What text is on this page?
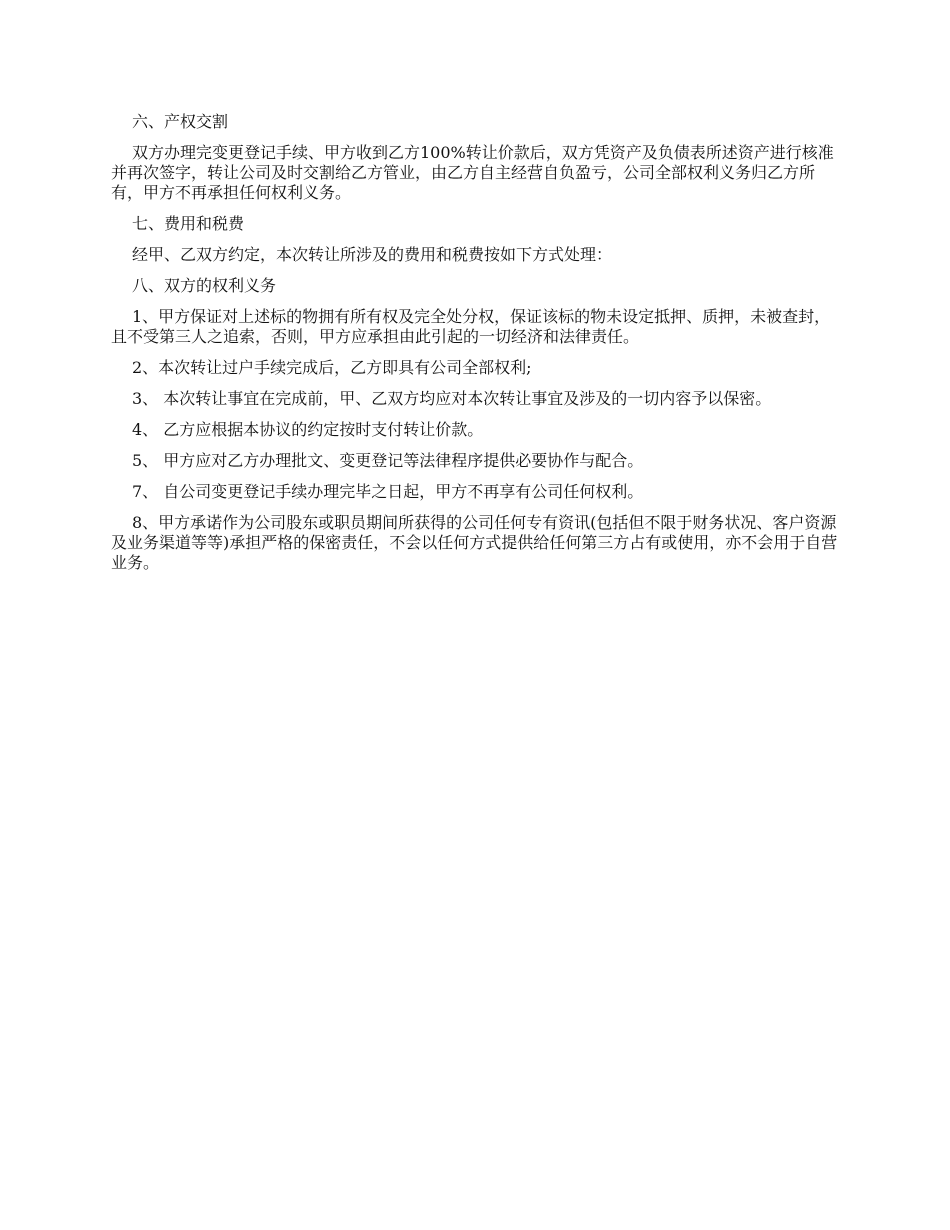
六、产权交割

双方办理完变更登记手续、甲方收到乙方100%转让价款后，双方凭资产及负债表所述资产进行核准并再次签字，转让公司及时交割给乙方管业，由乙方自主经营自负盈亏，公司全部权利义务归乙方所有，甲方不再承担任何权利义务。

七、费用和税费

经甲、乙双方约定，本次转让所涉及的费用和税费按如下方式处理：

八、双方的权利义务

1、甲方保证对上述标的物拥有所有权及完全处分权，保证该标的物未设定抵押、质押，未被查封，且不受第三人之追索，否则，甲方应承担由此引起的一切经济和法律责任。

2、本次转让过户手续完成后，乙方即具有公司全部权利;

3、 本次转让事宜在完成前，甲、乙双方均应对本次转让事宜及涉及的一切内容予以保密。

4、 乙方应根据本协议的约定按时支付转让价款。

5、 甲方应对乙方办理批文、变更登记等法律程序提供必要协作与配合。

7、 自公司变更登记手续办理完毕之日起，甲方不再享有公司任何权利。

8、甲方承诺作为公司股东或职员期间所获得的公司任何专有资讯(包括但不限于财务状况、客户资源及业务渠道等等)承担严格的保密责任，不会以任何方式提供给任何第三方占有或使用，亦不会用于自营业务。
